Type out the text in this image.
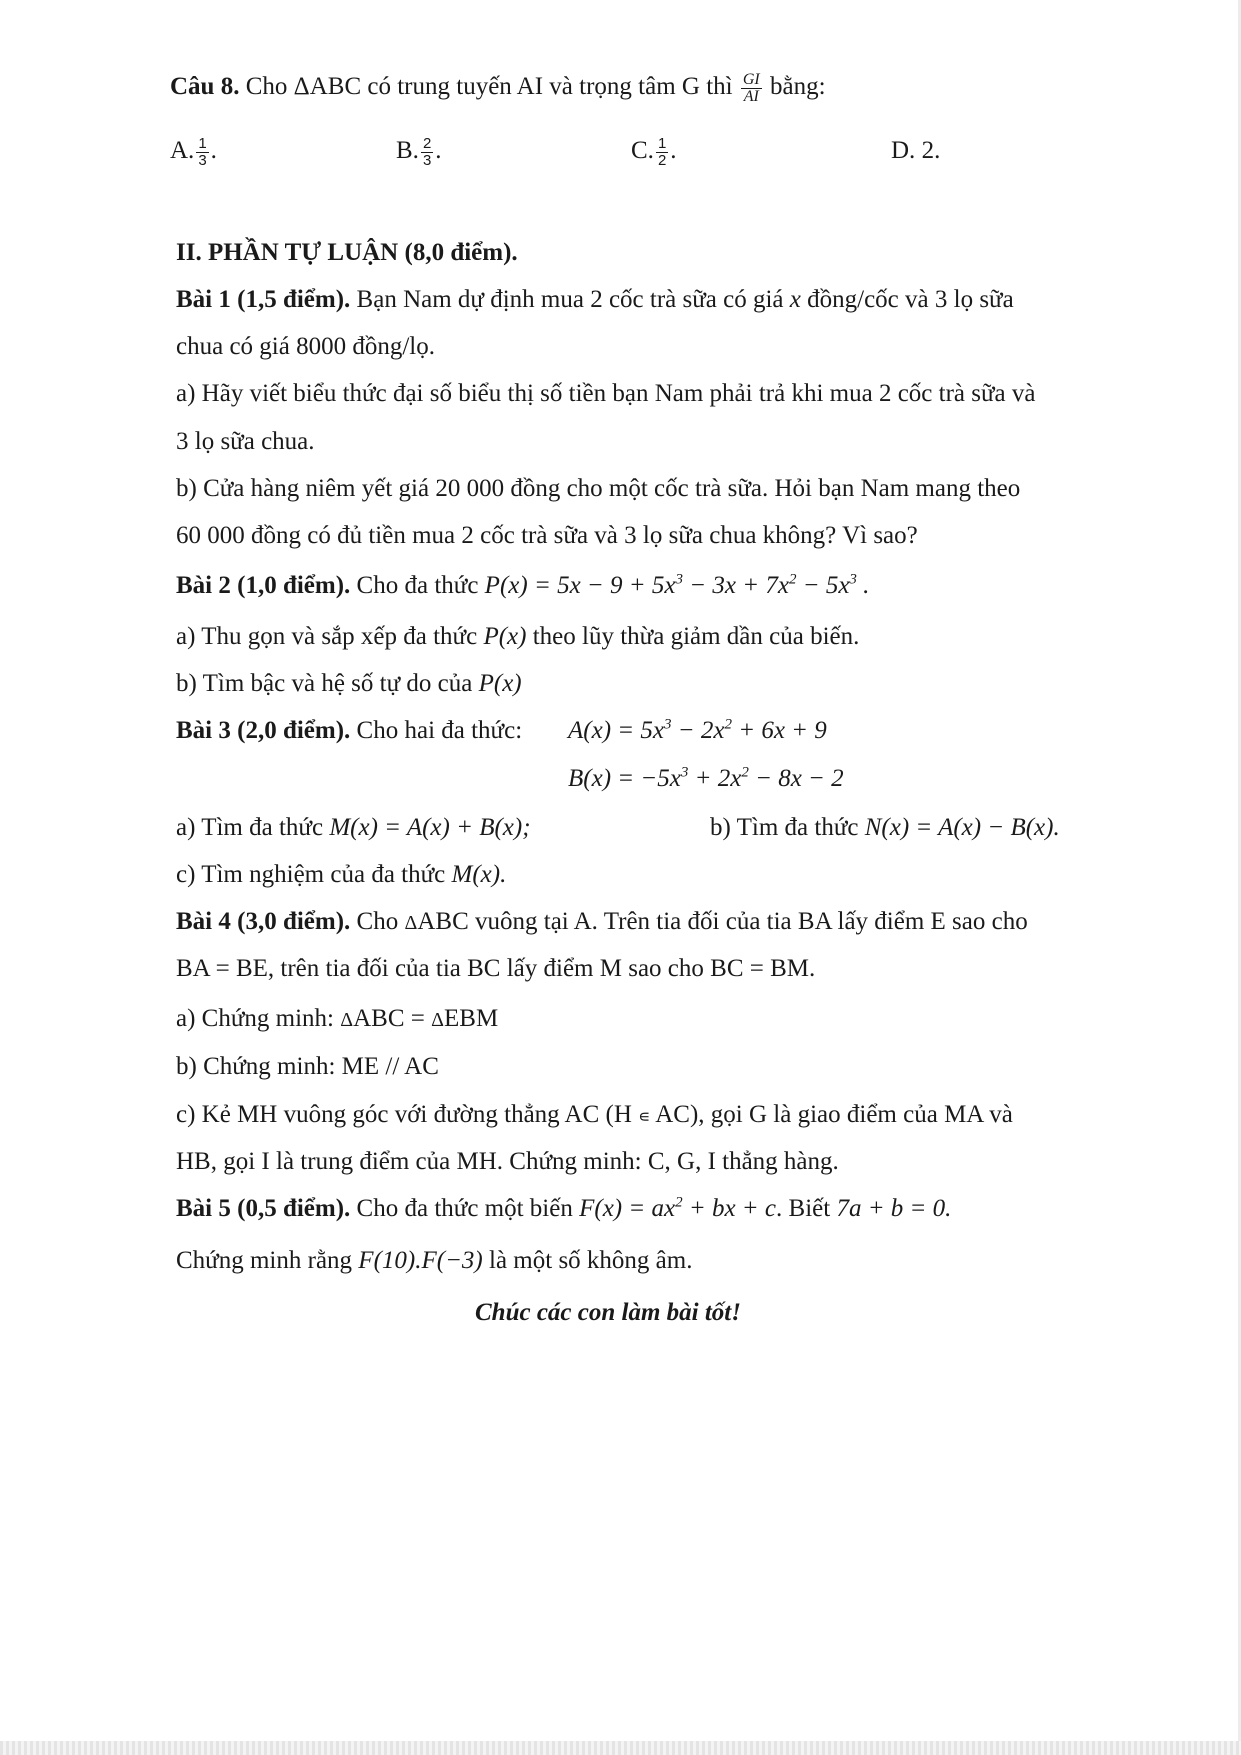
Câu 8. Cho ΔABC có trung tuyến AI và trọng tâm G thì $\frac{GI}{AI}$ bằng:
A. $\frac{1}{3}$ .	B. $\frac{2}{3}$ .	C. $\frac{1}{2}$ .	D. 2.
II. PHẦN TỰ LUẬN (8,0 điểm).
Bài 1 (1,5 điểm). Bạn Nam dự định mua 2 cốc trà sữa có giá x đồng/cốc và 3 lọ sữa
chua có giá 8000 đồng/lọ.
a) Hãy viết biểu thức đại số biểu thị số tiền bạn Nam phải trả khi mua 2 cốc trà sữa và
3 lọ sữa chua.
b) Cửa hàng niêm yết giá 20 000 đồng cho một cốc trà sữa. Hỏi bạn Nam mang theo
60 000 đồng có đủ tiền mua 2 cốc trà sữa và 3 lọ sữa chua không? Vì sao?
Bài 2 (1,0 điểm). Cho đa thức $P(x) = 5x - 9 + 5x^3 - 3x + 7x^2 - 5x^3$ .
a) Thu gọn và sắp xếp đa thức P(x) theo lũy thừa giảm dần của biến.
b) Tìm bậc và hệ số tự do của P(x)
Bài 3 (2,0 điểm). Cho hai đa thức: $A(x) = 5x^3 - 2x^2 + 6x + 9$
$B(x) = -5x^3 + 2x^2 - 8x - 2$
a) Tìm đa thức M(x) = A(x) + B(x);	b) Tìm đa thức N(x) = A(x) − B(x).
c) Tìm nghiệm của đa thức M(x).
Bài 4 (3,0 điểm). Cho ΔABC vuông tại A. Trên tia đối của tia BA lấy điểm E sao cho
BA = BE, trên tia đối của tia BC lấy điểm M sao cho BC = BM.
a) Chứng minh: ΔABC = ΔEBM
b) Chứng minh: ME // AC
c) Kẻ MH vuông góc với đường thẳng AC (H ∊ AC), gọi G là giao điểm của MA và
HB, gọi I là trung điểm của MH. Chứng minh: C, G, I thẳng hàng.
Bài 5 (0,5 điểm). Cho đa thức một biến $F(x) = ax^2$ + bx + c. Biết 7a + b = 0.
Chứng minh rằng F(10).F(−3) là một số không âm.
Chúc các con làm bài tốt!
